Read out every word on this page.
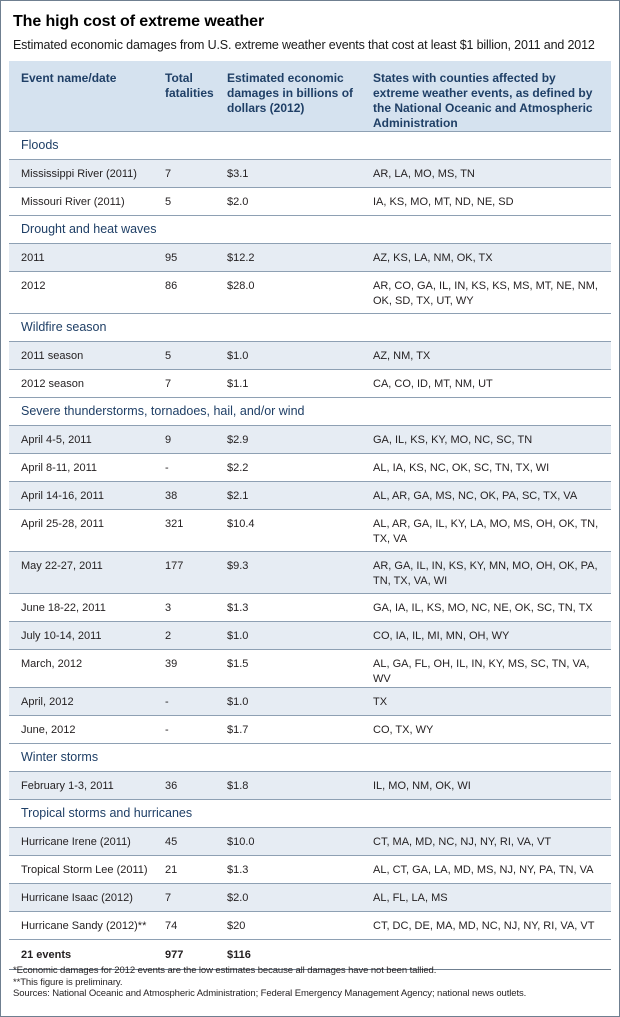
The high cost of extreme weather
Estimated economic damages from U.S. extreme weather events that cost at least $1 billion, 2011 and 2012
Event name/date	Total fatalities	Estimated economic damages in billions of dollars (2012)	States with counties affected by extreme weather events, as defined by the National Oceanic and Atmospheric Administration
Floods			
Mississippi River (2011)	7	$3.1	AR, LA, MO, MS, TN
Missouri River (2011)	5	$2.0	IA, KS, MO, MT, ND, NE, SD
Drought and heat waves			
2011	95	$12.2	AZ, KS, LA, NM, OK, TX
2012	86	$28.0	AR, CO, GA, IL, IN, KS, KS, MS, MT, NE, NM, OK, SD, TX, UT, WY
Wildfire season			
2011 season	5	$1.0	AZ, NM, TX
2012 season	7	$1.1	CA, CO, ID, MT, NM, UT
Severe thunderstorms, tornadoes, hail, and/or wind			
April 4-5, 2011	9	$2.9	GA, IL, KS, KY, MO, NC, SC, TN
April 8-11, 2011	-	$2.2	AL, IA, KS, NC, OK, SC, TN, TX, WI
April 14-16, 2011	38	$2.1	AL, AR, GA, MS, NC, OK, PA, SC, TX, VA
April 25-28, 2011	321	$10.4	AL, AR, GA, IL, KY, LA, MO, MS, OH, OK, TN, TX, VA
May 22-27, 2011	177	$9.3	AR, GA, IL, IN, KS, KY, MN, MO, OH, OK, PA, TN, TX, VA, WI
June 18-22, 2011	3	$1.3	GA, IA, IL, KS, MO, NC, NE, OK, SC, TN, TX
July 10-14, 2011	2	$1.0	CO, IA, IL, MI, MN, OH, WY
March, 2012	39	$1.5	AL, GA, FL, OH, IL, IN, KY, MS, SC, TN, VA, WV
April, 2012	-	$1.0	TX
June, 2012	-	$1.7	CO, TX, WY
Winter storms			
February 1-3, 2011	36	$1.8	IL, MO, NM, OK, WI
Tropical storms and hurricanes			
Hurricane Irene (2011)	45	$10.0	CT, MA, MD, NC, NJ, NY, RI, VA, VT
Tropical Storm Lee (2011)	21	$1.3	AL, CT, GA, LA, MD, MS, NJ, NY, PA, TN, VA
Hurricane Isaac (2012)	7	$2.0	AL, FL, LA, MS
Hurricane Sandy (2012)**	74	$20	CT, DC, DE, MA, MD, NC, NJ, NY, RI, VA, VT
21 events	977	$116	
*Economic damages for 2012 events are the low estimates because all damages have not been tallied.
**This figure is preliminary.
Sources: National Oceanic and Atmospheric Administration; Federal Emergency Management Agency; national news outlets.
